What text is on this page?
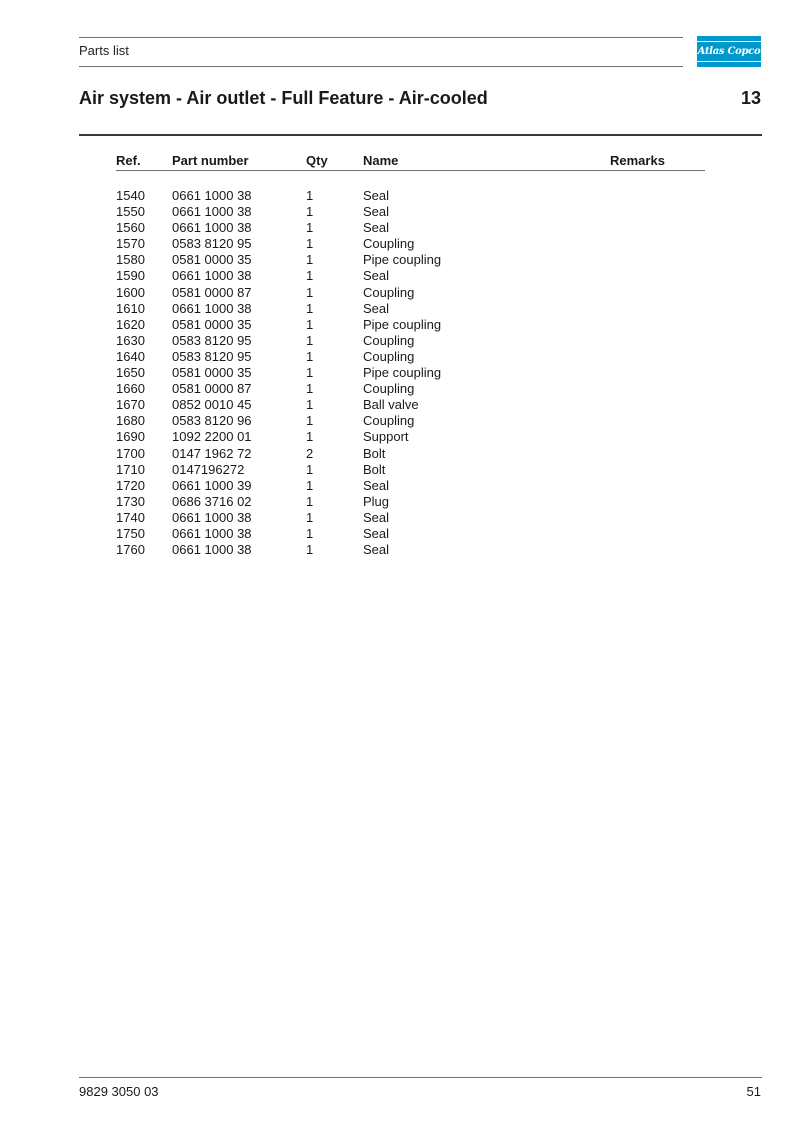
Parts list	Atlas Copco
Air system - Air outlet - Full Feature - Air-cooled	13
Ref. Part number	Qty	Name	Remarks
1540 0661 1000 38	1	Seal
1550 0661 1000 38	1	Seal
1560 0661 1000 38	1	Seal
1570 0583 8120 95	1	Coupling
1580 0581 0000 35	1	Pipe coupling
1590 0661 1000 38	1	Seal
1600 0581 0000 87	1	Coupling
1610 0661 1000 38	1	Seal
1620 0581 0000 35	1	Pipe coupling
1630 0583 8120 95	1	Coupling
1640 0583 8120 95	1	Coupling
1650 0581 0000 35	1	Pipe coupling
1660 0581 0000 87	1	Coupling
1670 0852 0010 45	1	Ball valve
1680 0583 8120 96	1	Coupling
1690 1092 2200 01	1	Support
1700 0147 1962 72	2	Bolt
1710 0147196272	1	Bolt
1720 0661 1000 39	1	Seal
1730 0686 3716 02	1	Plug
1740 0661 1000 38	1	Seal
1750 0661 1000 38	1	Seal
1760 0661 1000 38	1	Seal
9829 3050 03	51
